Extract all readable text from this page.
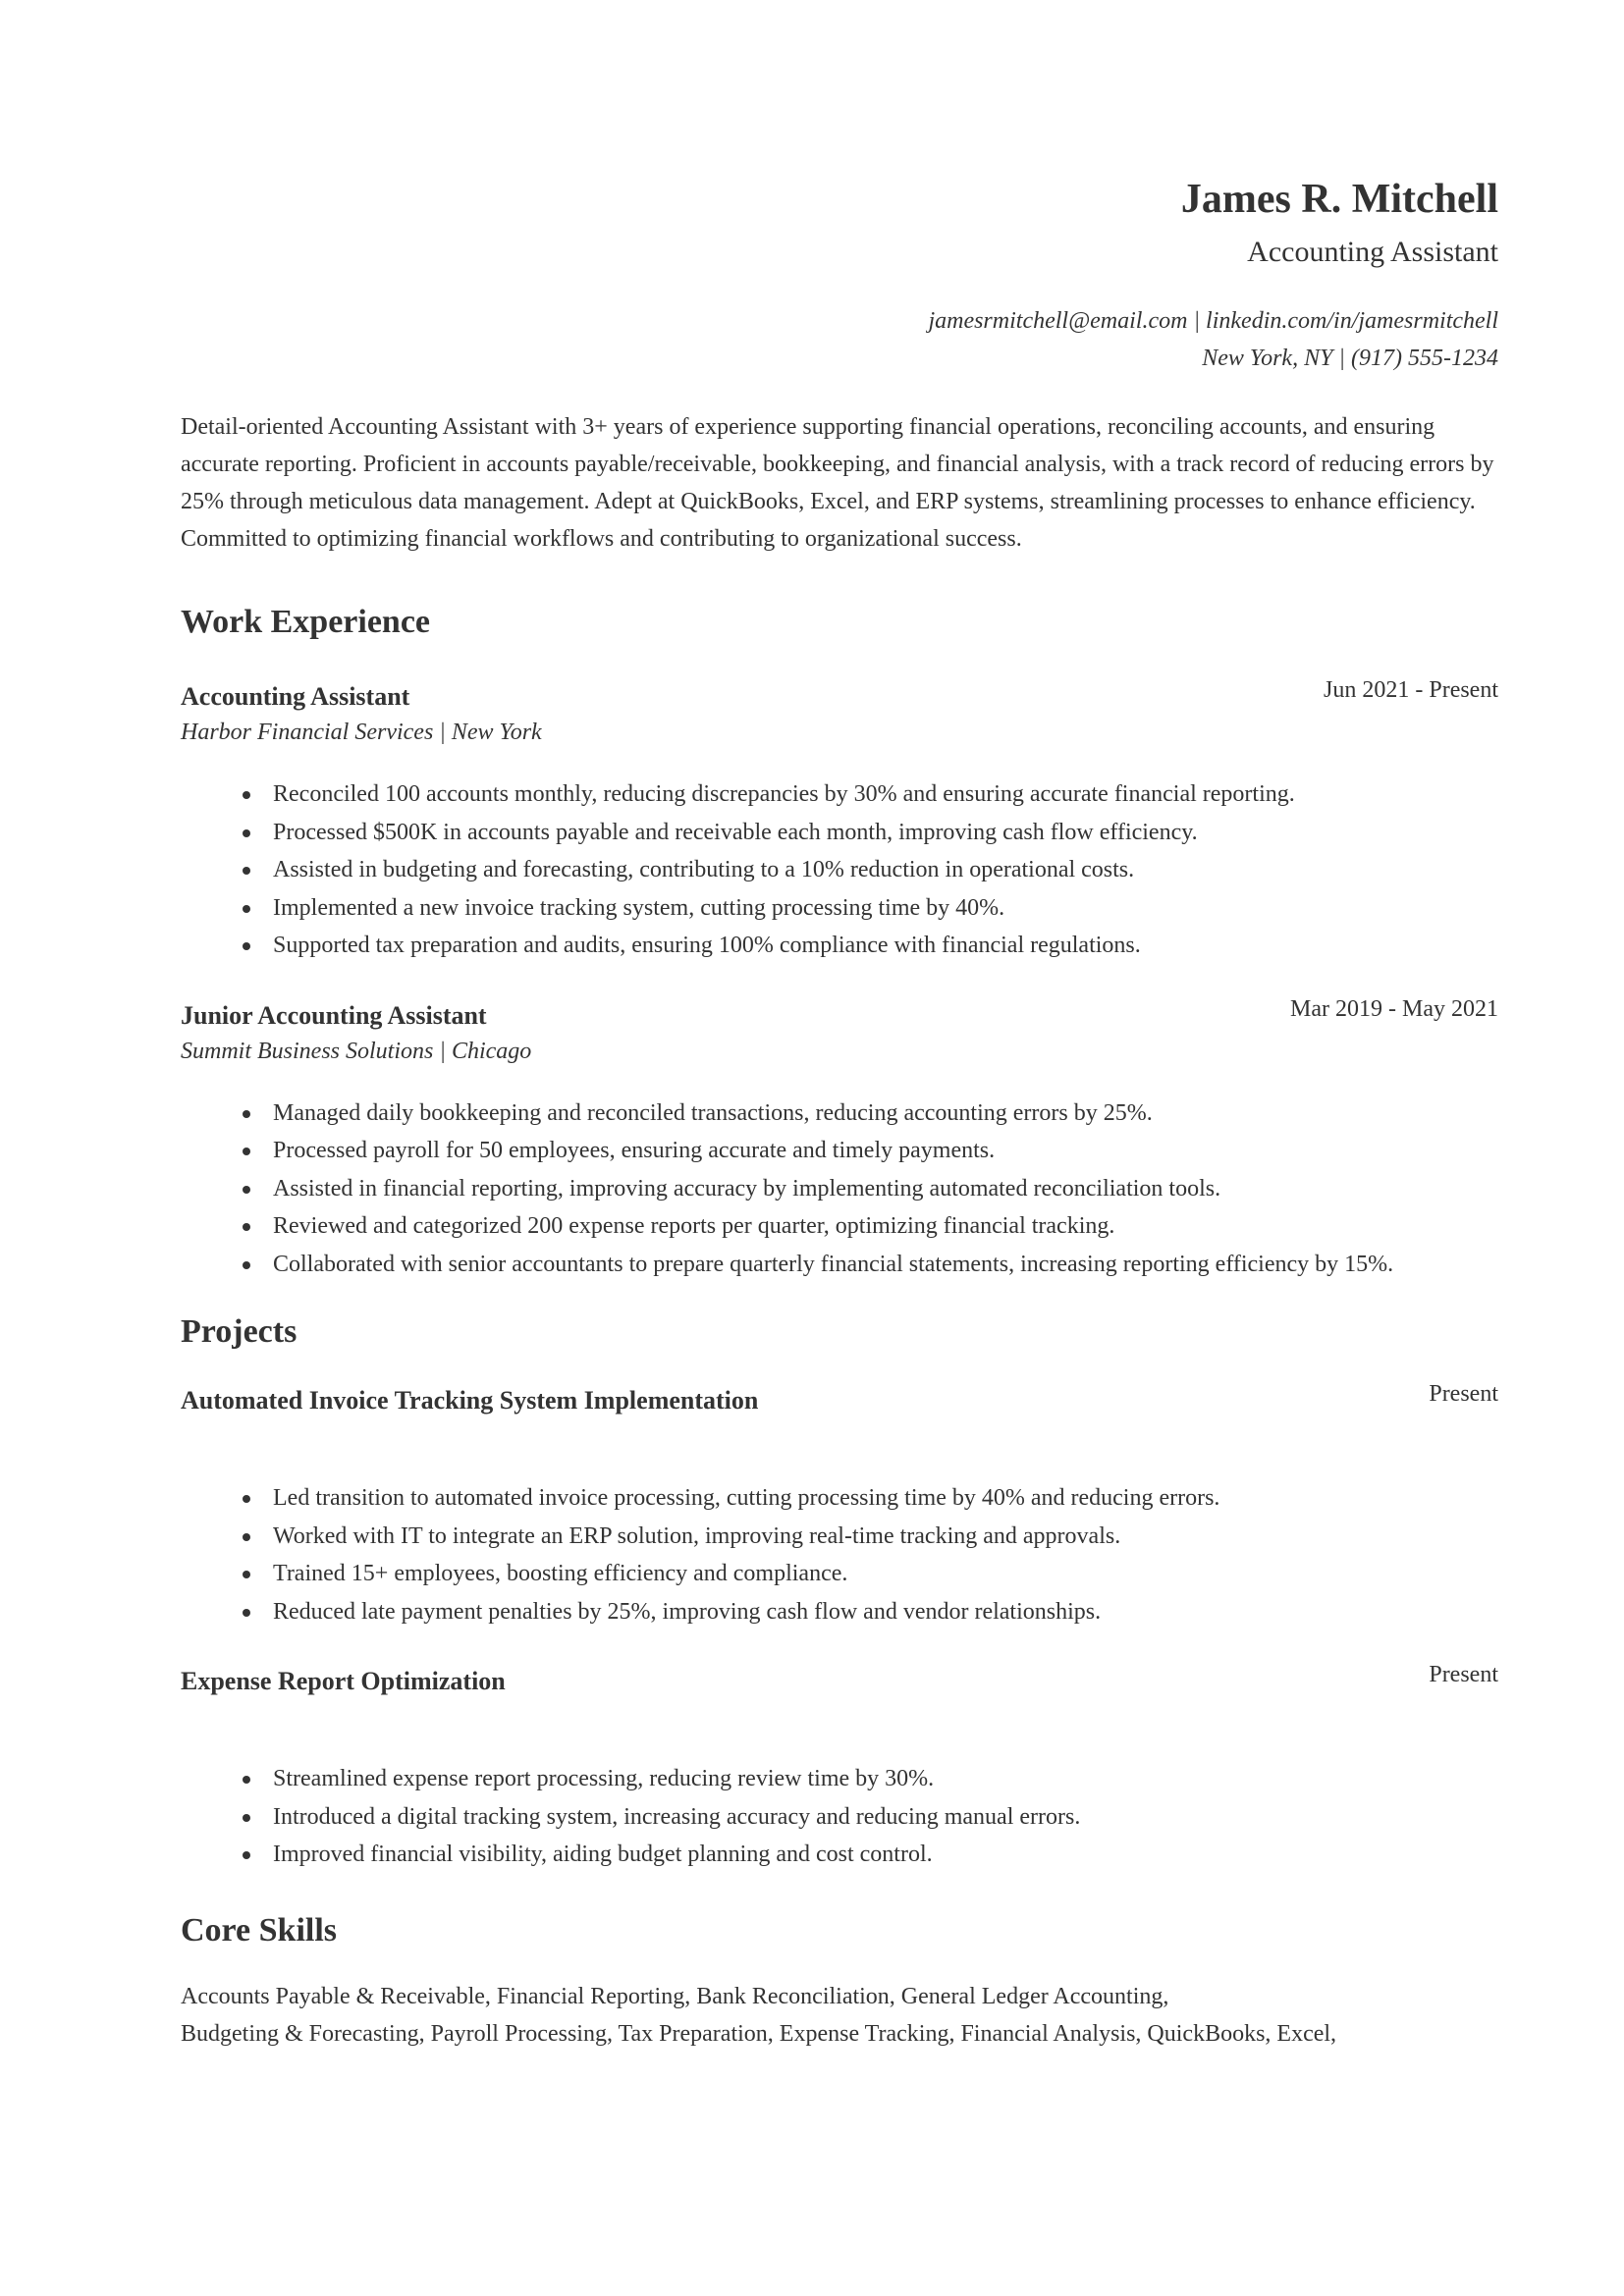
James R. Mitchell
Accounting Assistant
jamesrmitchell@email.com | linkedin.com/in/jamesrmitchell
New York, NY | (917) 555-1234

Detail-oriented Accounting Assistant with 3+ years of experience supporting financial operations, reconciling accounts, and ensuring accurate reporting. Proficient in accounts payable/receivable, bookkeeping, and financial analysis, with a track record of reducing errors by 25% through meticulous data management. Adept at QuickBooks, Excel, and ERP systems, streamlining processes to enhance efficiency. Committed to optimizing financial workflows and contributing to organizational success.

Work Experience
Accounting Assistant	Jun 2021 - Present
Harbor Financial Services | New York
Reconciled 100 accounts monthly, reducing discrepancies by 30% and ensuring accurate financial reporting.
Processed $500K in accounts payable and receivable each month, improving cash flow efficiency.
Assisted in budgeting and forecasting, contributing to a 10% reduction in operational costs.
Implemented a new invoice tracking system, cutting processing time by 40%.
Supported tax preparation and audits, ensuring 100% compliance with financial regulations.
Junior Accounting Assistant	Mar 2019 - May 2021
Summit Business Solutions | Chicago
Managed daily bookkeeping and reconciled transactions, reducing accounting errors by 25%.
Processed payroll for 50 employees, ensuring accurate and timely payments.
Assisted in financial reporting, improving accuracy by implementing automated reconciliation tools.
Reviewed and categorized 200 expense reports per quarter, optimizing financial tracking.
Collaborated with senior accountants to prepare quarterly financial statements, increasing reporting efficiency by 15%.
Projects
Automated Invoice Tracking System Implementation	Present
Led transition to automated invoice processing, cutting processing time by 40% and reducing errors.
Worked with IT to integrate an ERP solution, improving real-time tracking and approvals.
Trained 15+ employees, boosting efficiency and compliance.
Reduced late payment penalties by 25%, improving cash flow and vendor relationships.
Expense Report Optimization	Present
Streamlined expense report processing, reducing review time by 30%.
Introduced a digital tracking system, increasing accuracy and reducing manual errors.
Improved financial visibility, aiding budget planning and cost control.
Core Skills
Accounts Payable & Receivable, Financial Reporting, Bank Reconciliation, General Ledger Accounting,
Budgeting & Forecasting, Payroll Processing, Tax Preparation, Expense Tracking, Financial Analysis, QuickBooks, Excel,
